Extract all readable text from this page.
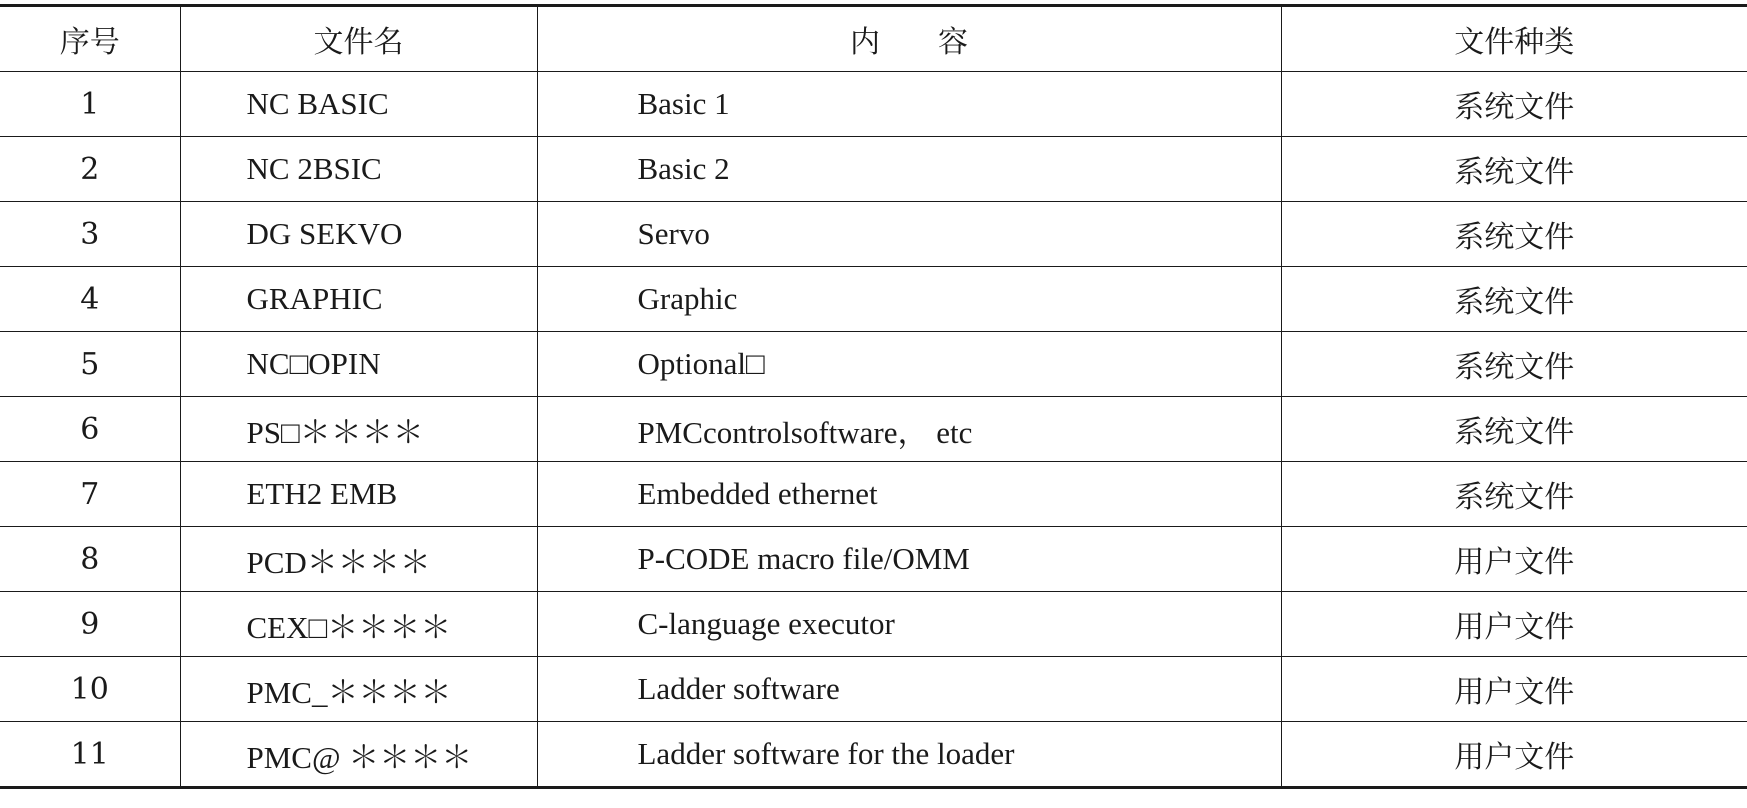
序号	文件名	内 容	文件种类
1	NC BASIC	Basic 1	系统文件
2	NC 2BSIC	Basic 2	系统文件
3	DG SEKVO	Servo	系统文件
4	GRAPHIC	Graphic	系统文件
5	NC□OPIN	Optional□	系统文件
6	PS□＊＊＊＊	PMCcontrolsoftware， etc	系统文件
7	ETH2 EMB	Embedded ethernet	系统文件
8	PCD＊＊＊＊	P-CODE macro file/OMM	用户文件
9	CEX□＊＊＊＊	C-language executor	用户文件
10	PMC_＊＊＊＊	Ladder software	用户文件
11	PMC@ ＊＊＊＊	Ladder software for the loader	用户文件
